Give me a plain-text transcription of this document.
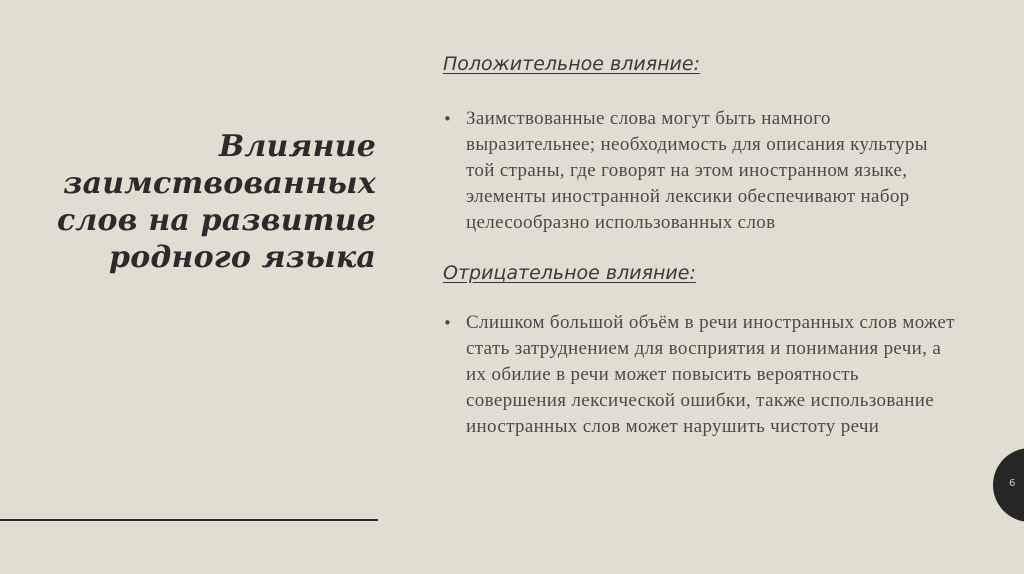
Влияние заимствованных слов на развитие родного языка

Положительное влияние:

• Заимствованные слова могут быть намного выразительнее; необходимость для описания культуры той страны, где говорят на этом иностранном языке, элементы иностранной лексики обеспечивают набор целесообразно использованных слов

Отрицательное влияние:

• Слишком большой объём в речи иностранных слов может стать затруднением для восприятия и понимания речи, а их обилие в речи может повысить вероятность совершения лексической ошибки, также использование иностранных слов может нарушить чистоту речи
6
